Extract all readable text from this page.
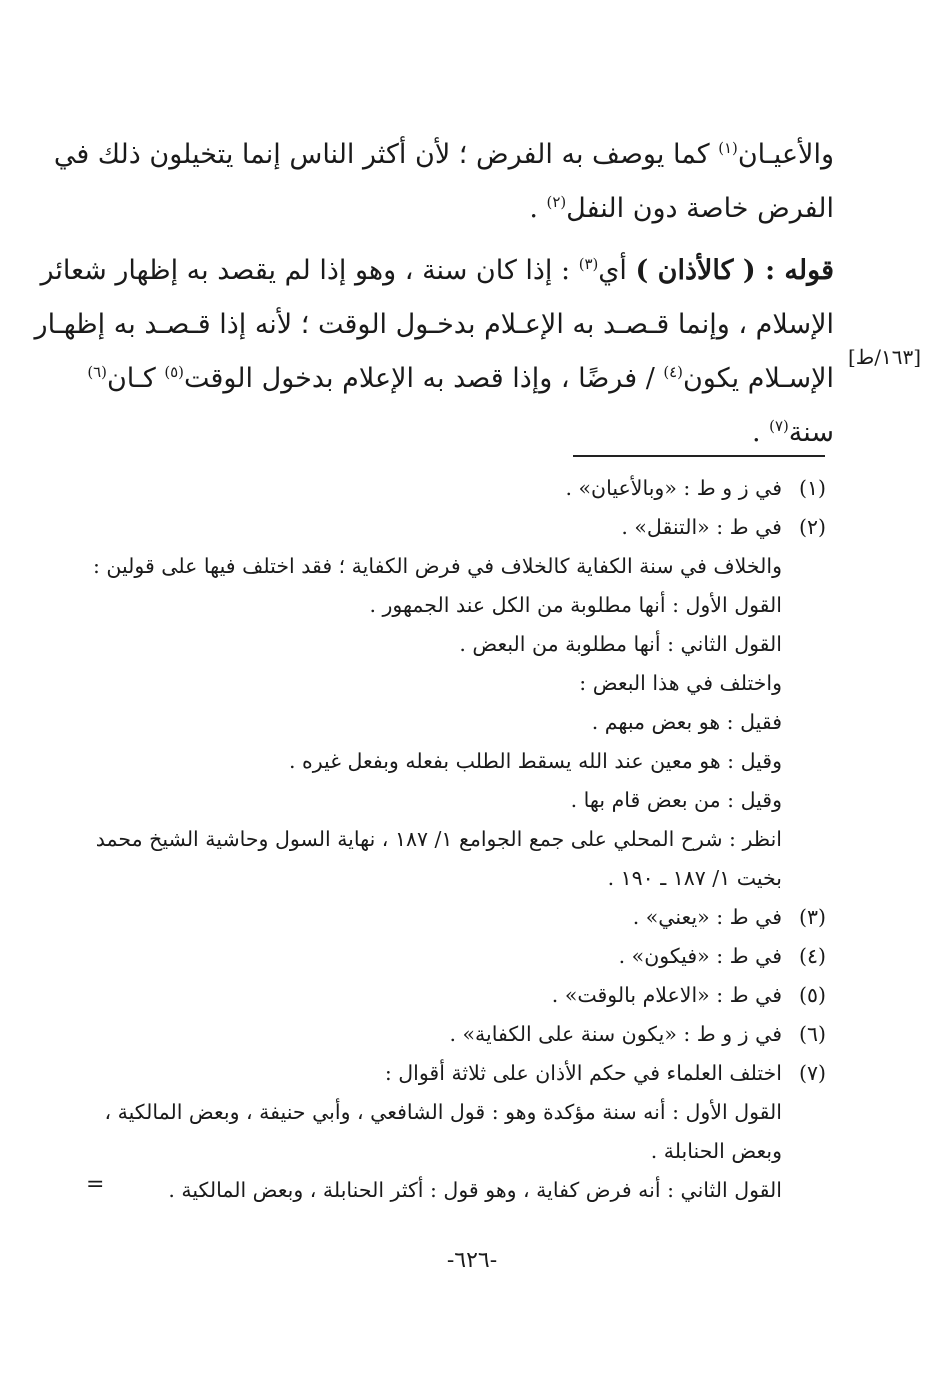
والأعيـان$^{(١)}$ كما يوصف به الفرض ؛ لأن أكثر الناس إنما يتخيلون ذلك في
الفرض خاصة دون النفل$^{(٢)}$ .
قوله : ( كالأذان ) أي$^{(٣)}$ : إذا كان سنة ، وهو إذا لم يقصد به إظهار شعائر
الإسلام ، وإنما قـصـد به الإعـلام بدخـول الوقت ؛ لأنه إذا قـصـد به إظهـار
الإسـلام يكون$^{(٤)}$ / فرضًا ، وإذا قصد به الإعلام بدخول الوقت$^{(٥)}$ كـان$^{(٦)}$
سنة$^{(٧)}$ .
[١٦٣/ط]
(١)في ز و ط : «وبالأعيان» .
(٢)في ط : «التنقل» .
والخلاف في سنة الكفاية كالخلاف في فرض الكفاية ؛ فقد اختلف فيها على قولين :
القول الأول : أنها مطلوبة من الكل عند الجمهور .
القول الثاني : أنها مطلوبة من البعض .
واختلف في هذا البعض :
فقيل : هو بعض مبهم .
وقيل : هو معين عند الله يسقط الطلب بفعله وبفعل غيره .
وقيل : من بعض قام بها .
انظر : شرح المحلي على جمع الجوامع ١/ ١٨٧ ، نهاية السول وحاشية الشيخ محمد
بخيت ١/ ١٨٧ ـ ١٩٠ .
(٣)في ط : «يعني» .
(٤)في ط : «فيكون» .
(٥)في ط : «الاعلام بالوقت» .
(٦)في ز و ط : «يكون سنة على الكفاية» .
(٧)اختلف العلماء في حكم الأذان على ثلاثة أقوال :
القول الأول : أنه سنة مؤكدة وهو : قول الشافعي ، وأبي حنيفة ، وبعض المالكية ،
وبعض الحنابلة .
القول الثاني : أنه فرض كفاية ، وهو قول : أكثر الحنابلة ، وبعض المالكية .
=
-٦٢٦-
